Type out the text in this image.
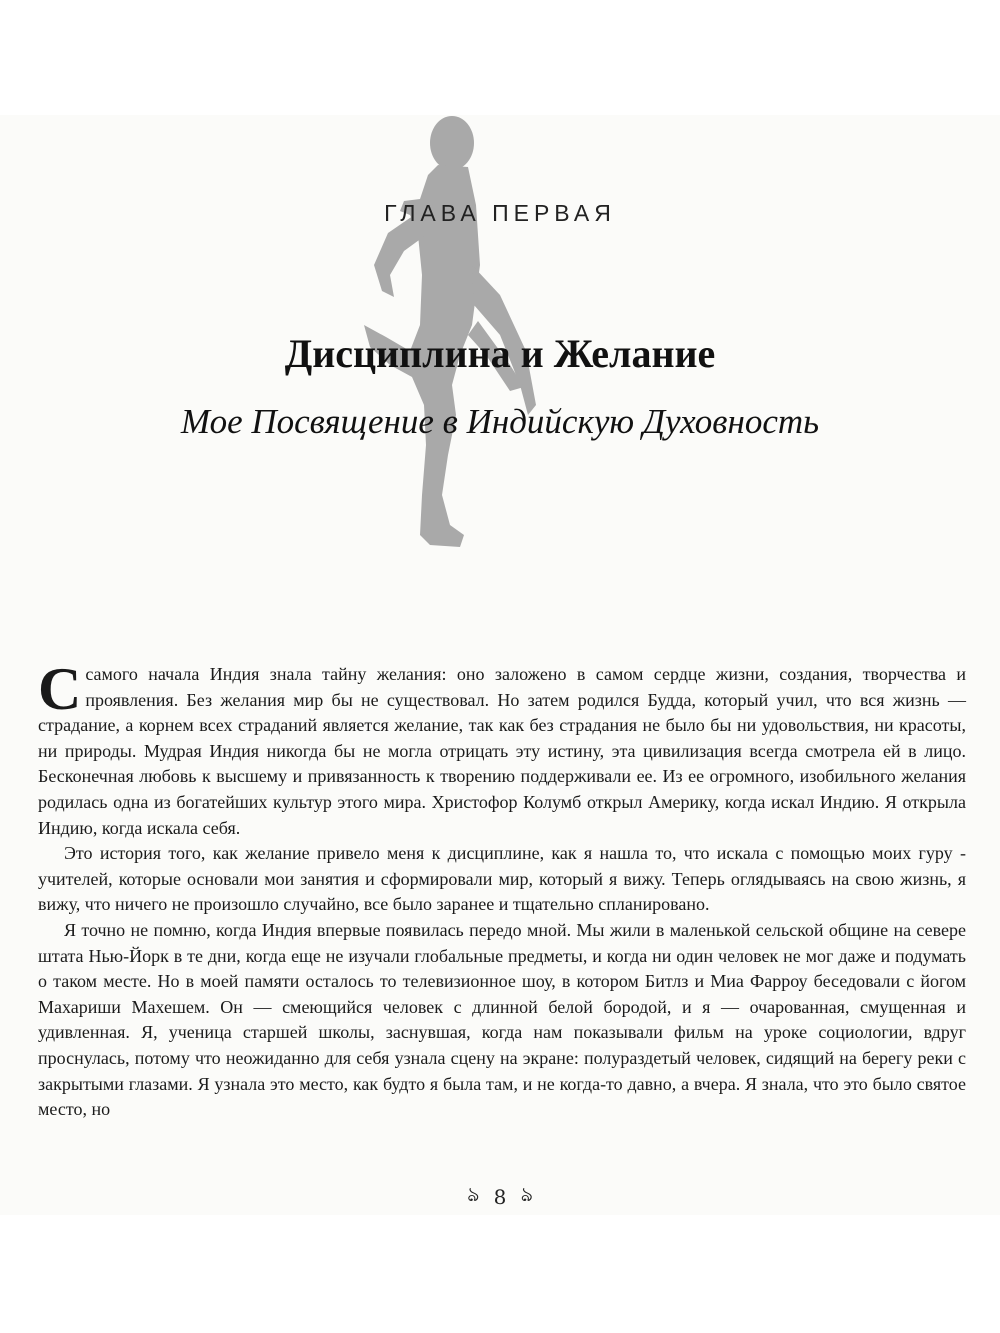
ГЛАВА ПЕРВАЯ
Дисциплина и Желание
Мое Посвящение в Индийскую Духовность

Ссамого начала Индия знала тайну желания: оно заложено в самом сердце жизни, создания, творчества и проявления. Без желания мир бы не существовал. Но затем родился Будда, который учил, что вся жизнь — страдание, а корнем всех страданий является желание, так как без страдания не было бы ни удовольствия, ни красоты, ни природы. Мудрая Индия никогда бы не могла отрицать эту истину, эта цивилизация всегда смотрела ей в лицо. Бесконечная любовь к высшему и привязанность к творению поддерживали ее. Из ее огромного, изобильного желания родилась одна из богатейших культур этого мира. Христофор Колумб открыл Америку, когда искал Индию. Я открыла Индию, когда искала себя.

Это история того, как желание привело меня к дисциплине, как я нашла то, что искала с помощью моих гуру - учителей, которые основали мои занятия и сформировали мир, который я вижу. Теперь оглядываясь на свою жизнь, я вижу, что ничего не произошло случайно, все было заранее и тщательно спланировано.

Я точно не помню, когда Индия впервые появилась передо мной. Мы жили в маленькой сельской общине на севере штата Нью-Йорк в те дни, когда еще не изучали глобальные предметы, и когда ни один человек не мог даже и подумать о таком месте. Но в моей памяти осталось то телевизионное шоу, в котором Битлз и Миа Фарроу беседовали с йогом Махариши Махешем. Он — смеющийся человек с длинной белой бородой, и я — очарованная, смущенная и удивленная. Я, ученица старшей школы, заснувшая, когда нам показывали фильм на уроке социологии, вдруг проснулась, потому что неожиданно для себя узнала сцену на экране: полураздетый человек, сидящий на берегу реки с закрытыми глазами. Я узнала это место, как будто я была там, и не когда-то давно, а вчера. Я знала, что это было святое место, но

ঌ 8 ঌ
